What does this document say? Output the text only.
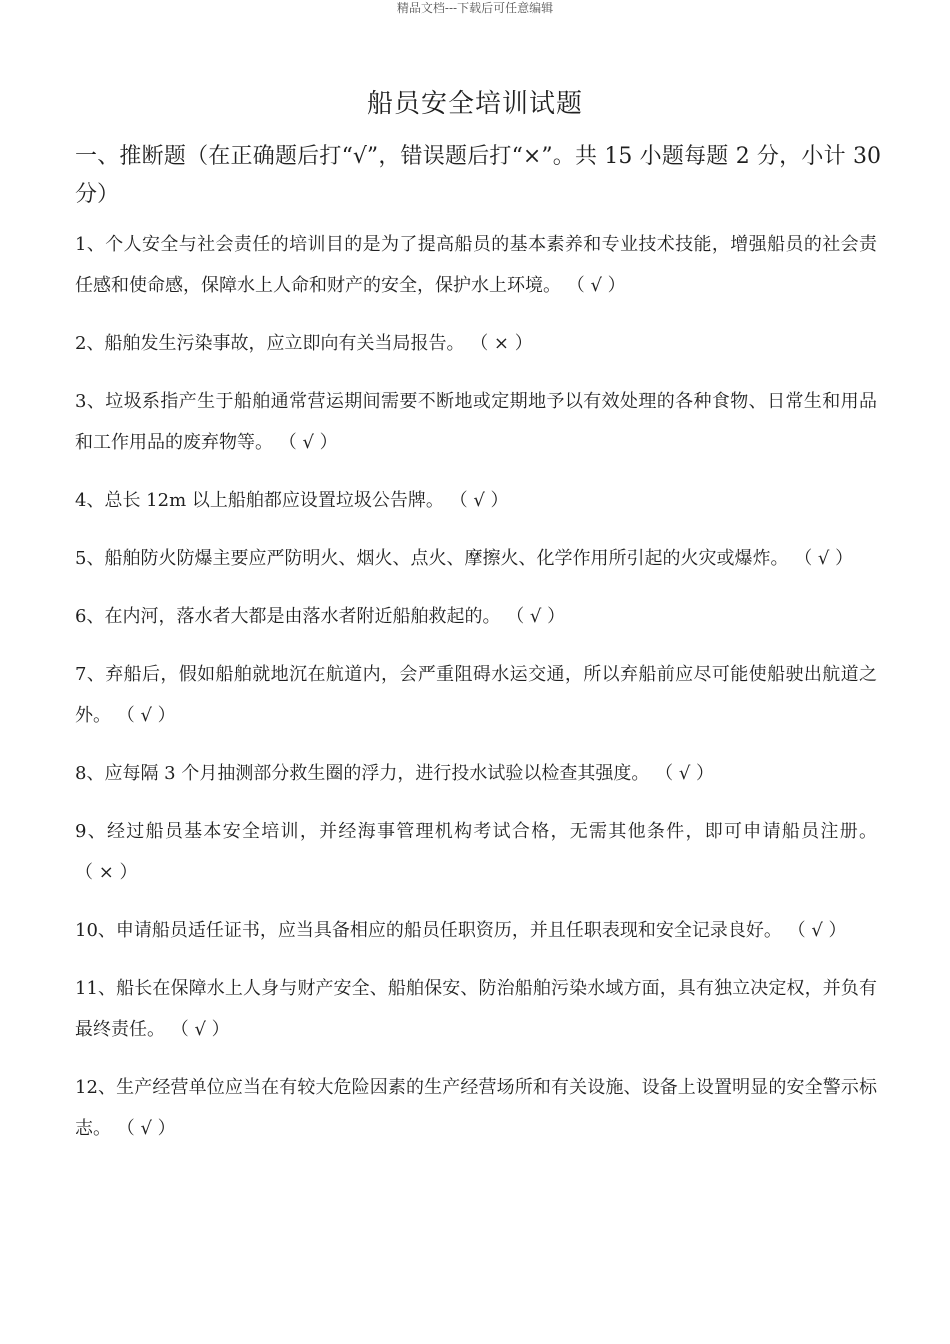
精品文档---下载后可任意编辑
船员安全培训试题
一、推断题（在正确题后打“√”，错误题后打“×”。共 15 小题每题 2 分，小计 30 分）
1、个人安全与社会责任的培训目的是为了提高船员的基本素养和专业技术技能，增强船员的社会责任感和使命感，保障水上人命和财产的安全，保护水上环境。 （ √ ）
2、船舶发生污染事故，应立即向有关当局报告。 （ × ）
3、垃圾系指产生于船舶通常营运期间需要不断地或定期地予以有效处理的各种食物、日常生和用品和工作用品的废弃物等。 （ √ ）
4、总长 12m 以上船舶都应设置垃圾公告牌。 （ √ ）
5、船舶防火防爆主要应严防明火、烟火、点火、摩擦火、化学作用所引起的火灾或爆炸。 （ √ ）
6、在内河，落水者大都是由落水者附近船舶救起的。 （ √ ）
7、弃船后，假如船舶就地沉在航道内，会严重阻碍水运交通，所以弃船前应尽可能使船驶出航道之外。 （ √ ）
8、应每隔 3 个月抽测部分救生圈的浮力，进行投水试验以检查其强度。 （ √ ）
9、经过船员基本安全培训，并经海事管理机构考试合格，无需其他条件，即可申请船员注册。 （ × ）
10、申请船员适任证书，应当具备相应的船员任职资历，并且任职表现和安全记录良好。 （ √ ）
11、船长在保障水上人身与财产安全、船舶保安、防治船舶污染水域方面，具有独立决定权，并负有最终责任。 （ √ ）
12、生产经营单位应当在有较大危险因素的生产经营场所和有关设施、设备上设置明显的安全警示标志。 （ √ ）
